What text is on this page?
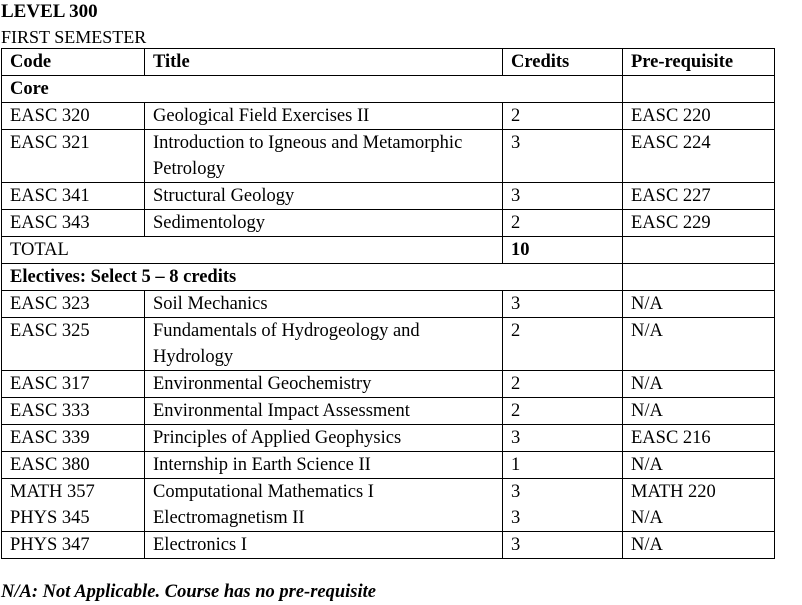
LEVEL 300
FIRST SEMESTER
Code	Title	Credits	Pre-requisite
Core			
EASC 320	Geological Field Exercises II	2	EASC 220
EASC 321	Introduction to Igneous and Metamorphic Petrology	3	EASC 224
EASC 341	Structural Geology	3	EASC 227
EASC 343	Sedimentology	2	EASC 229
TOTAL		10	
Electives: Select 5 – 8 credits			
EASC 323	Soil Mechanics	3	N/A
EASC 325	Fundamentals of Hydrogeology and Hydrology	2	N/A
EASC 317	Environmental Geochemistry	2	N/A
EASC 333	Environmental Impact Assessment	2	N/A
EASC 339	Principles of Applied Geophysics	3	EASC 216
EASC 380	Internship in Earth Science II	1	N/A
MATH 357	Computational Mathematics I	3	MATH 220
PHYS 345	Electromagnetism II	3	N/A
PHYS 347	Electronics I	3	N/A
N/A: Not Applicable. Course has no pre-requisite
